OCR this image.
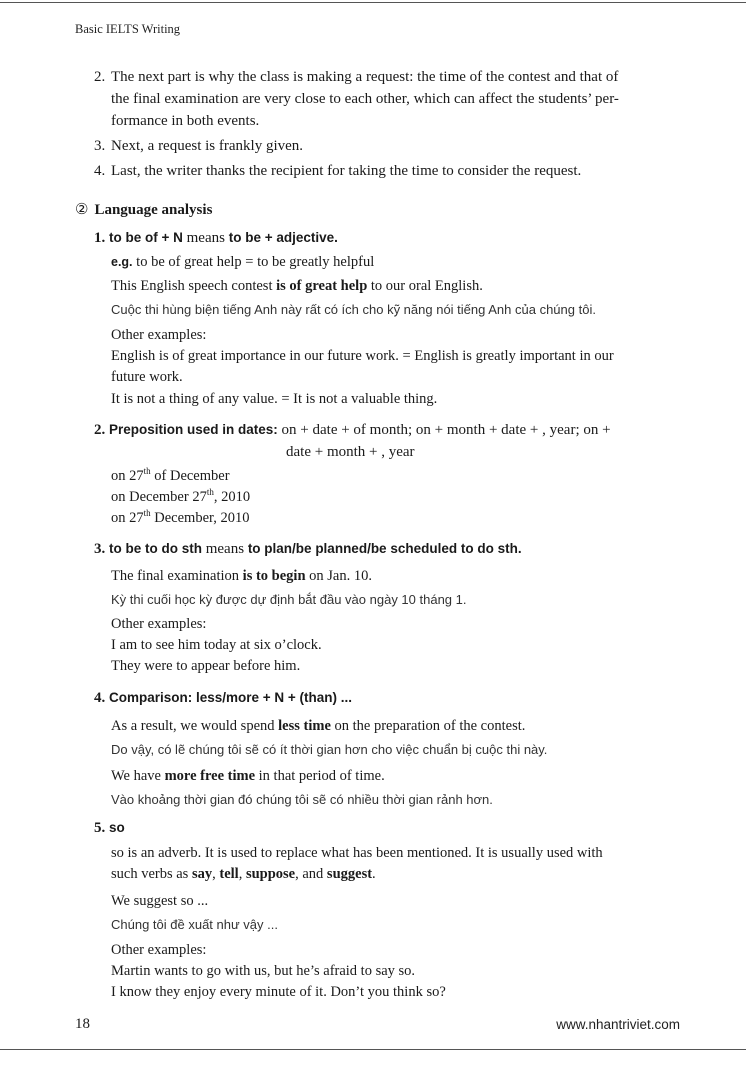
Basic IELTS Writing
2. The next part is why the class is making a request: the time of the contest and that of
the final examination are very close to each other, which can affect the students’ per-
formance in both events.
3. Next, a request is frankly given.
4. Last, the writer thanks the recipient for taking the time to consider the request.
② Language analysis
1. to be of + N means to be + adjective.
e.g. to be of great help = to be greatly helpful
This English speech contest is of great help to our oral English.
Cuộc thi hùng biện tiếng Anh này rất có ích cho kỹ năng nói tiếng Anh của chúng tôi.
Other examples:
English is of great importance in our future work. = English is greatly important in our
future work.
It is not a thing of any value. = It is not a valuable thing.
2. Preposition used in dates: on + date + of month; on + month + date + , year; on +
date + month + , year
on 27th of December
on December 27th, 2010
on 27th December, 2010
3. to be to do sth means to plan/be planned/be scheduled to do sth.
The final examination is to begin on Jan. 10.
Kỳ thi cuối học kỳ được dự định bắt đầu vào ngày 10 tháng 1.
Other examples:
I am to see him today at six o’clock.
They were to appear before him.
4. Comparison: less/more + N + (than) ...
As a result, we would spend less time on the preparation of the contest.
Do vậy, có lẽ chúng tôi sẽ có ít thời gian hơn cho việc chuẩn bị cuộc thi này.
We have more free time in that period of time.
Vào khoảng thời gian đó chúng tôi sẽ có nhiều thời gian rảnh hơn.
5. so
so is an adverb. It is used to replace what has been mentioned. It is usually used with
such verbs as say, tell, suppose, and suggest.
We suggest so ...
Chúng tôi đề xuất như vậy ...
Other examples:
Martin wants to go with us, but he’s afraid to say so.
I know they enjoy every minute of it. Don’t you think so?
18	www.nhantriviet.com
